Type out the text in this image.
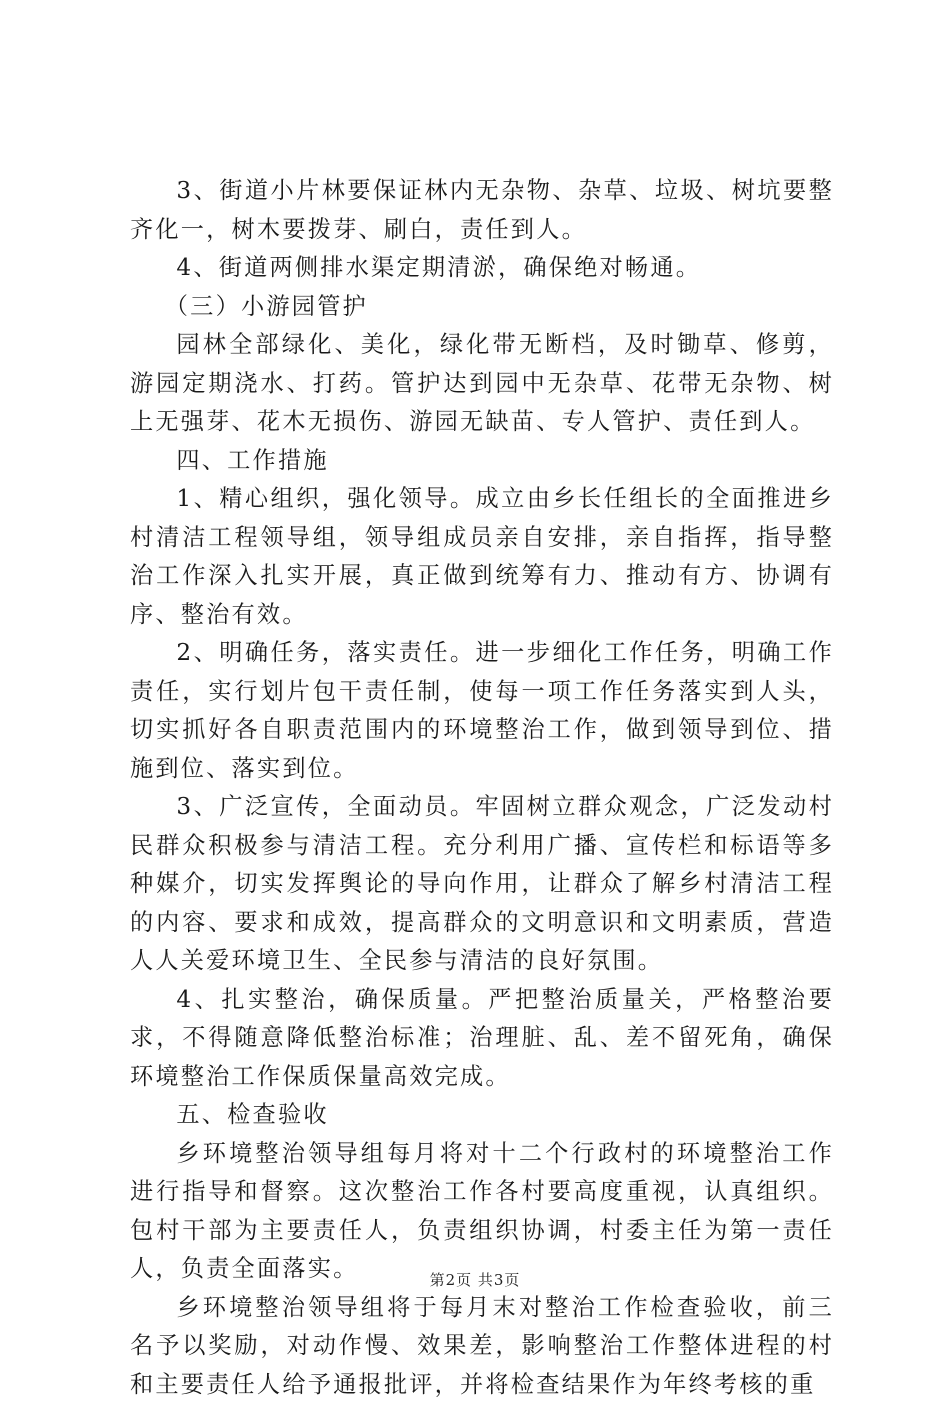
3、街道小片林要保证林内无杂物、杂草、垃圾、树坑要整齐化一，树木要拨芽、刷白，责任到人。

4、街道两侧排水渠定期清淤，确保绝对畅通。

（三）小游园管护

园林全部绿化、美化，绿化带无断档，及时锄草、修剪，游园定期浇水、打药。管护达到园中无杂草、花带无杂物、树上无强芽、花木无损伤、游园无缺苗、专人管护、责任到人。

四、工作措施

1、精心组织，强化领导。成立由乡长任组长的全面推进乡村清洁工程领导组，领导组成员亲自安排，亲自指挥，指导整治工作深入扎实开展，真正做到统筹有力、推动有方、协调有序、整治有效。

2、明确任务，落实责任。进一步细化工作任务，明确工作责任，实行划片包干责任制，使每一项工作任务落实到人头，切实抓好各自职责范围内的环境整治工作，做到领导到位、措施到位、落实到位。

3、广泛宣传，全面动员。牢固树立群众观念，广泛发动村民群众积极参与清洁工程。充分利用广播、宣传栏和标语等多种媒介，切实发挥舆论的导向作用，让群众了解乡村清洁工程的内容、要求和成效，提高群众的文明意识和文明素质，营造人人关爱环境卫生、全民参与清洁的良好氛围。

4、扎实整治，确保质量。严把整治质量关，严格整治要求，不得随意降低整治标准；治理脏、乱、差不留死角，确保环境整治工作保质保量高效完成。

五、检查验收

乡环境整治领导组每月将对十二个行政村的环境整治工作进行指导和督察。这次整治工作各村要高度重视，认真组织。包村干部为主要责任人，负责组织协调，村委主任为第一责任人，负责全面落实。

乡环境整治领导组将于每月末对整治工作检查验收，前三名予以奖励，对动作慢、效果差，影响整治工作整体进程的村和主要责任人给予通报批评，并将检查结果作为年终考核的重

第2页 共3页
